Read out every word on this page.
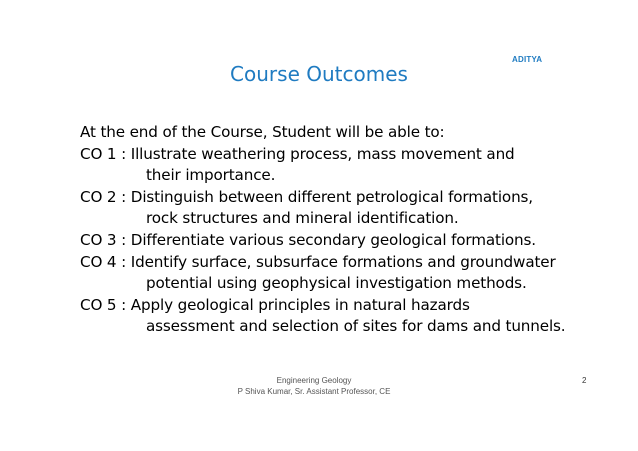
ADITYA
Course Outcomes
At the end of the Course, Student will be able to:
CO 1 : Illustrate weathering process, mass movement and
their importance.
CO 2 : Distinguish between different petrological formations,
rock structures and mineral identification.
CO 3 : Differentiate various secondary geological formations.
CO 4 : Identify surface, subsurface formations and groundwater
potential using geophysical investigation methods.
CO 5 : Apply geological principles in natural hazards
assessment and selection of sites for dams and tunnels.
Engineering Geology
P Shiva Kumar, Sr. Assistant Professor, CE
2
